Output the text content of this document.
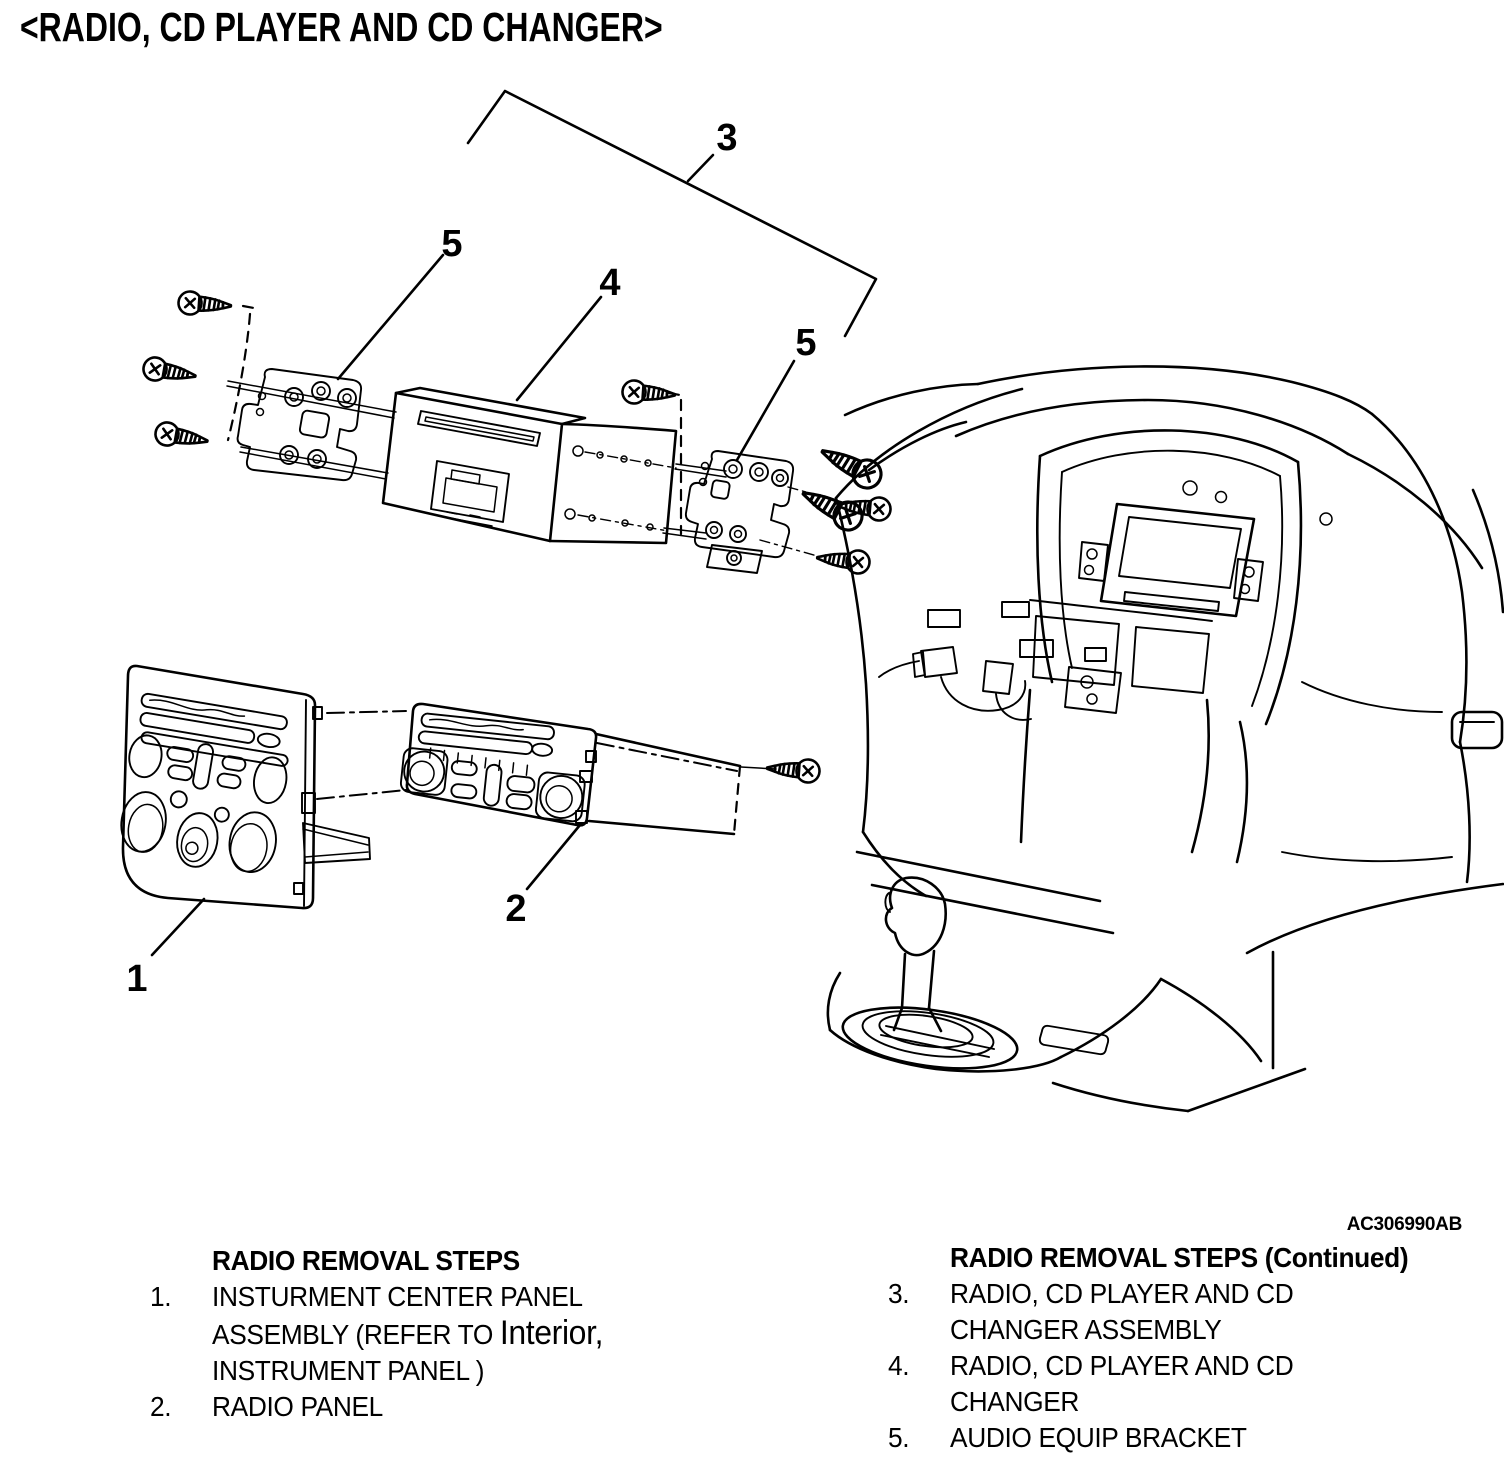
<RADIO, CD PLAYER AND CD CHANGER>
3
5
4
5
2
1
AC306990AB
RADIO REMOVAL STEPS
1.	INSTURMENT CENTER PANEL
ASSEMBLY (REFER TO Interior,
INSTRUMENT PANEL )
2.	RADIO PANEL
RADIO REMOVAL STEPS (Continued)
3.	RADIO, CD PLAYER AND CD
CHANGER ASSEMBLY
4.	RADIO, CD PLAYER AND CD
CHANGER
5.	AUDIO EQUIP BRACKET
